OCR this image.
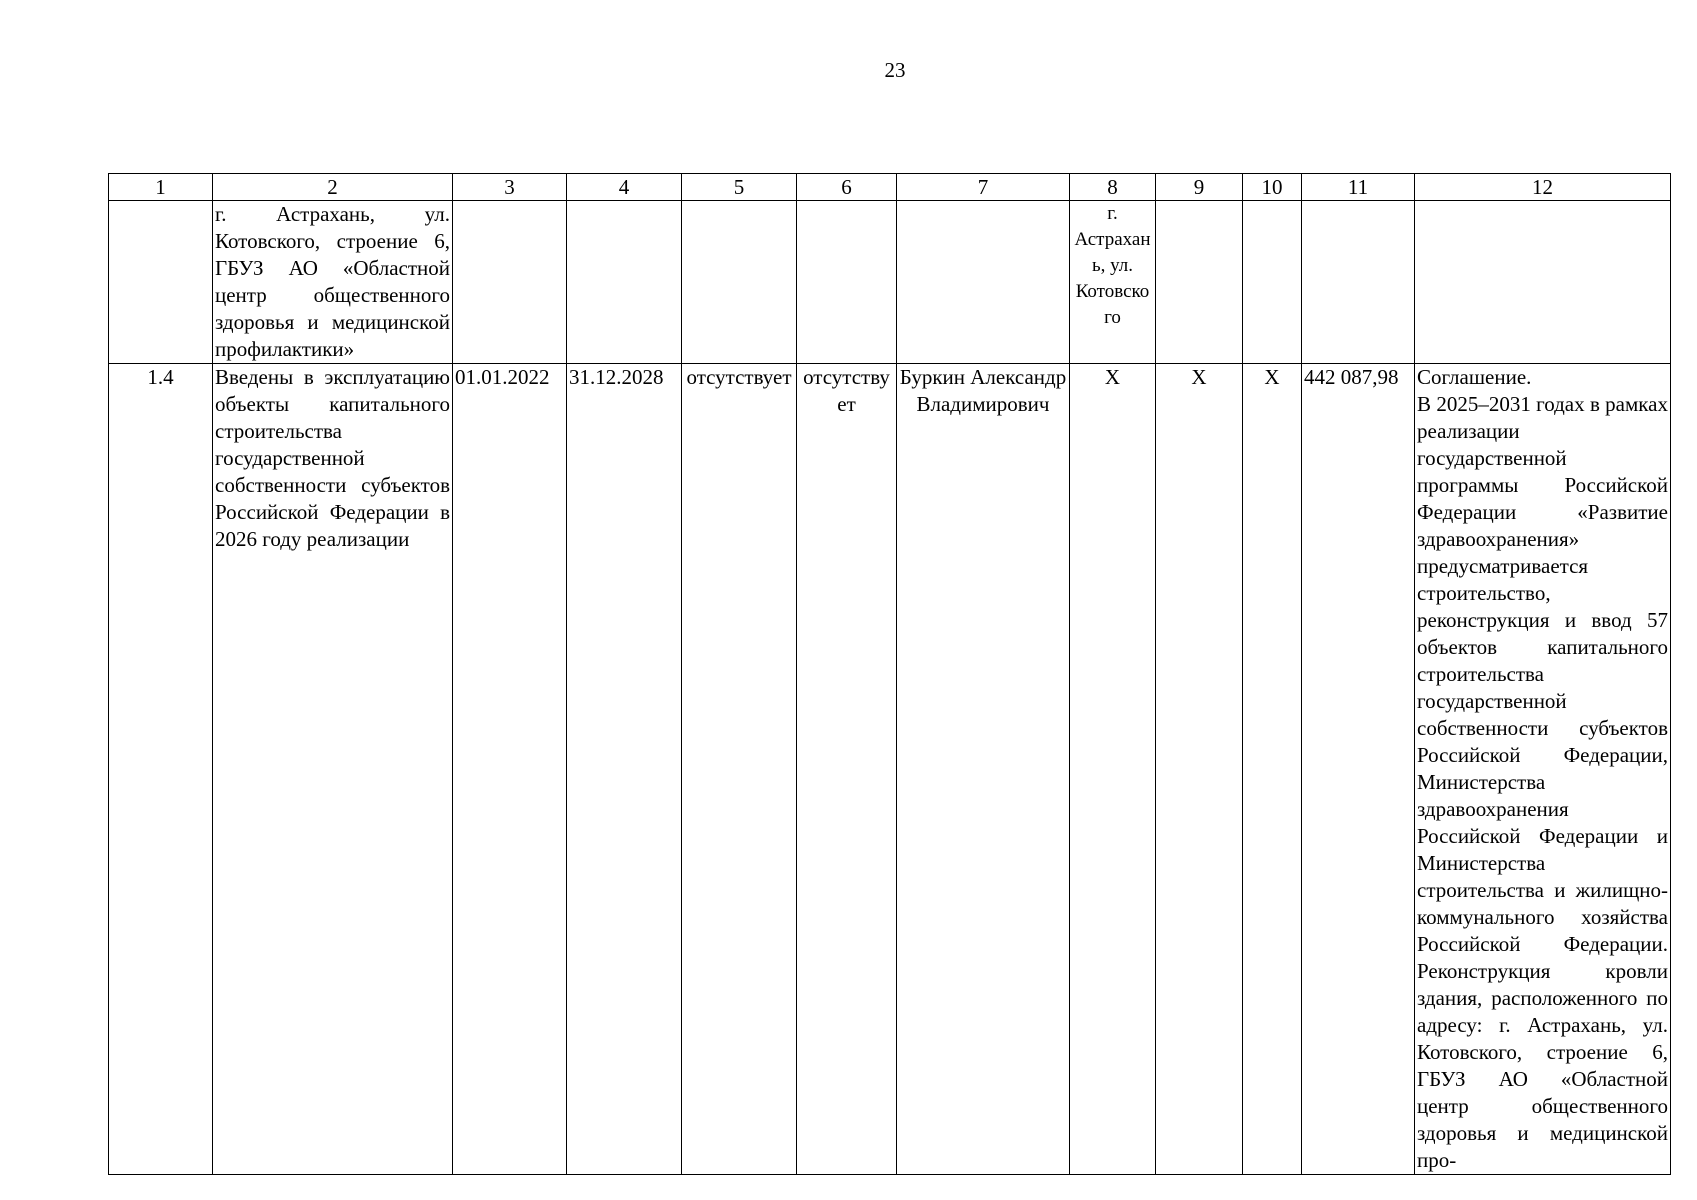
23
1	2	3	4	5	6	7	8	9	10	11	12
	г. Астрахань, ул. Котовского, строение 6, ГБУЗ АО «Областной центр общественного здоровья и медицинской профилактики»						г. Астрахань, ул. Котовского				
1.4	Введены в эксплуатацию объекты капитального строительства государственной собственности субъектов Российской Федерации в 2026 году реализации	01.01.2022	31.12.2028	отсутствует	отсутствует	Буркин Александр Владимирович	X	X	X	442 087,98	Соглашение.
В 2025–2031 годах в рамках реализации государственной программы Российской Федерации «Развитие здравоохранения»
предусматривается
строительство, реконструкция и ввод 57 объектов капитального строительства государственной собственности субъектов Российской Федерации, Министерства здравоохранения Российской Федерации и Министерства строительства и жилищно-коммунального хозяйства Российской Федерации. Реконструкция кровли здания, расположенного по адресу: г. Астрахань, ул. Котовского, строение 6, ГБУЗ АО «Областной центр общественного здоровья и медицинской про-
